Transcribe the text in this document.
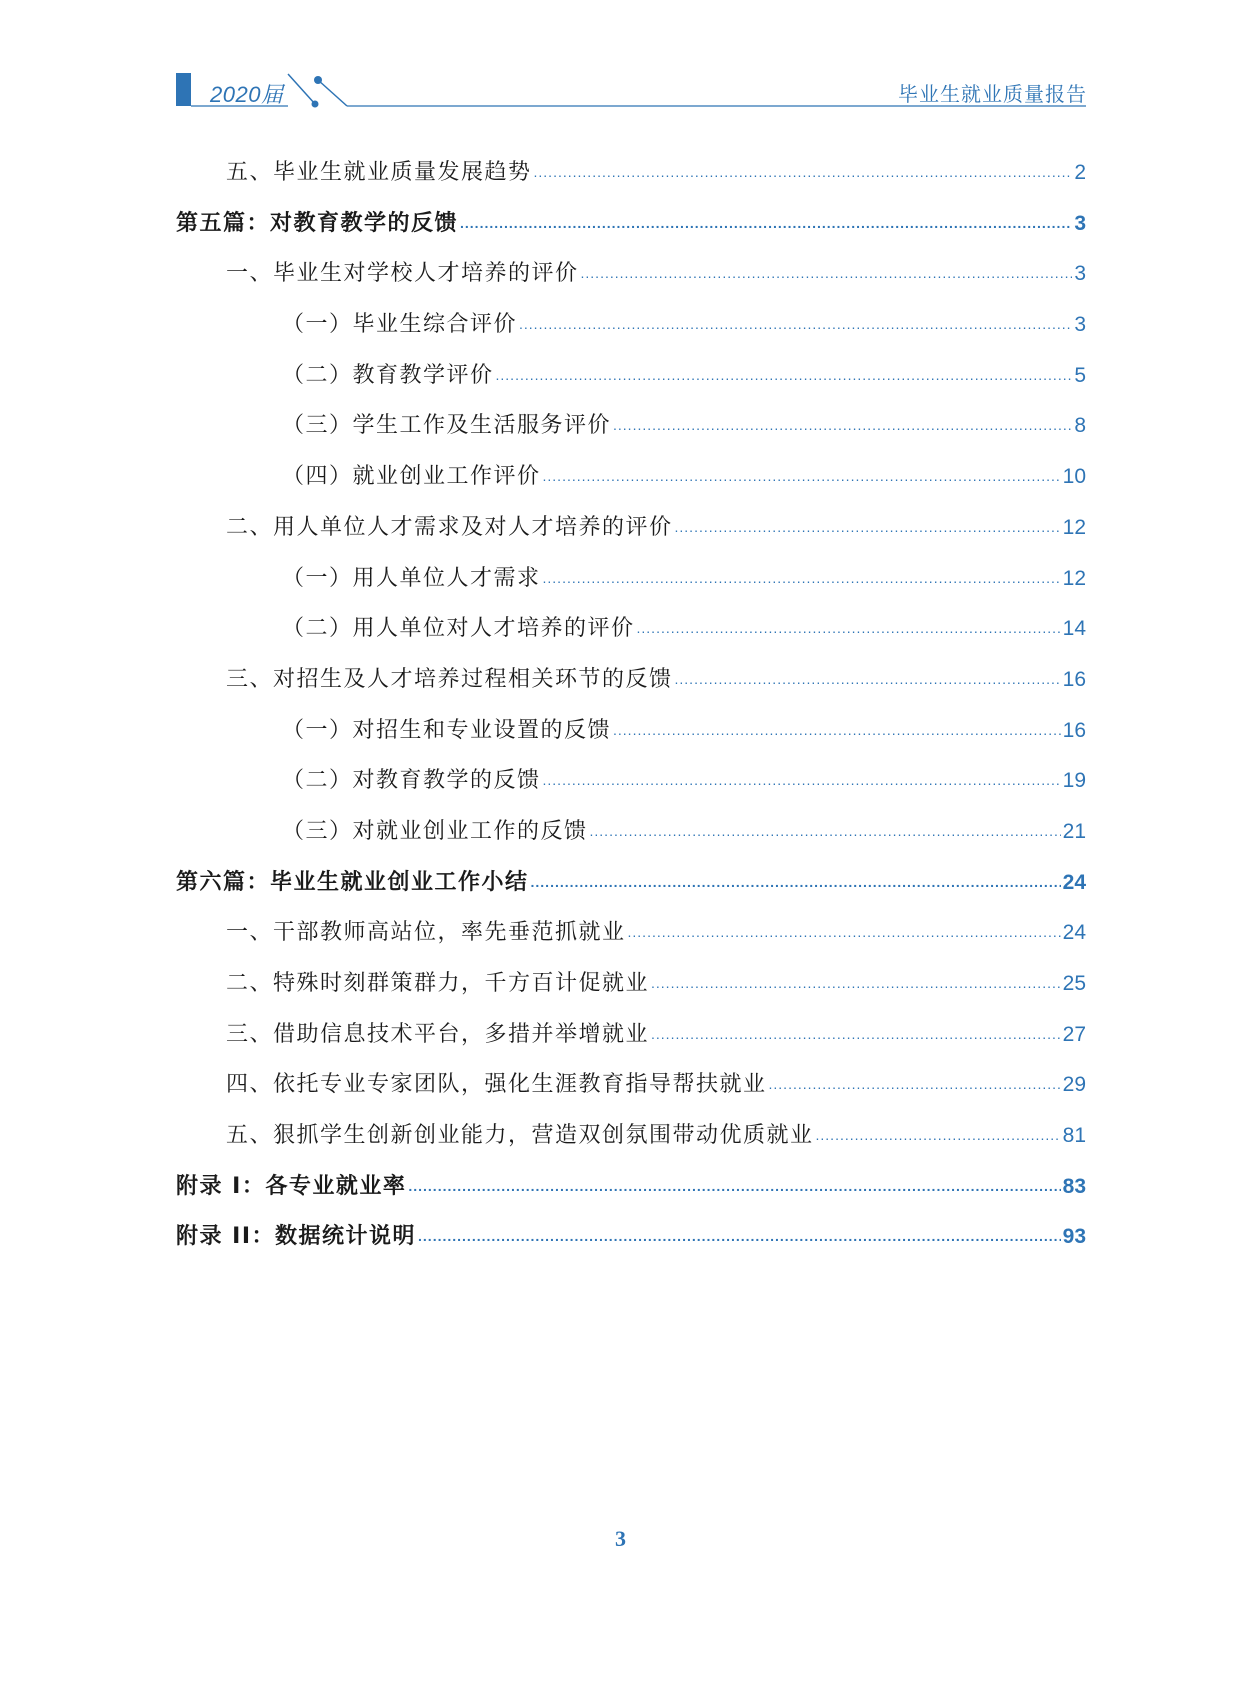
2020届	毕业生就业质量报告
五、毕业生就业质量发展趋势 .....	2
第五篇：对教育教学的反馈 .....	3
一、毕业生对学校人才培养的评价 .....	3
（一）毕业生综合评价 .....	3
（二）教育教学评价 .....	5
（三）学生工作及生活服务评价 .....	8
（四）就业创业工作评价 .....	10
二、用人单位人才需求及对人才培养的评价 .....	12
（一）用人单位人才需求 .....	12
（二）用人单位对人才培养的评价 .....	14
三、对招生及人才培养过程相关环节的反馈 .....	16
（一）对招生和专业设置的反馈 .....	16
（二）对教育教学的反馈 .....	19
（三）对就业创业工作的反馈 .....	21
第六篇：毕业生就业创业工作小结 .....	24
一、干部教师高站位，率先垂范抓就业 .....	24
二、特殊时刻群策群力，千方百计促就业 .....	25
三、借助信息技术平台，多措并举增就业 .....	27
四、依托专业专家团队，强化生涯教育指导帮扶就业 .....	29
五、狠抓学生创新创业能力，营造双创氛围带动优质就业 .....	81
附录 I：各专业就业率 .....	83
附录 II：数据统计说明 .....	93
3
